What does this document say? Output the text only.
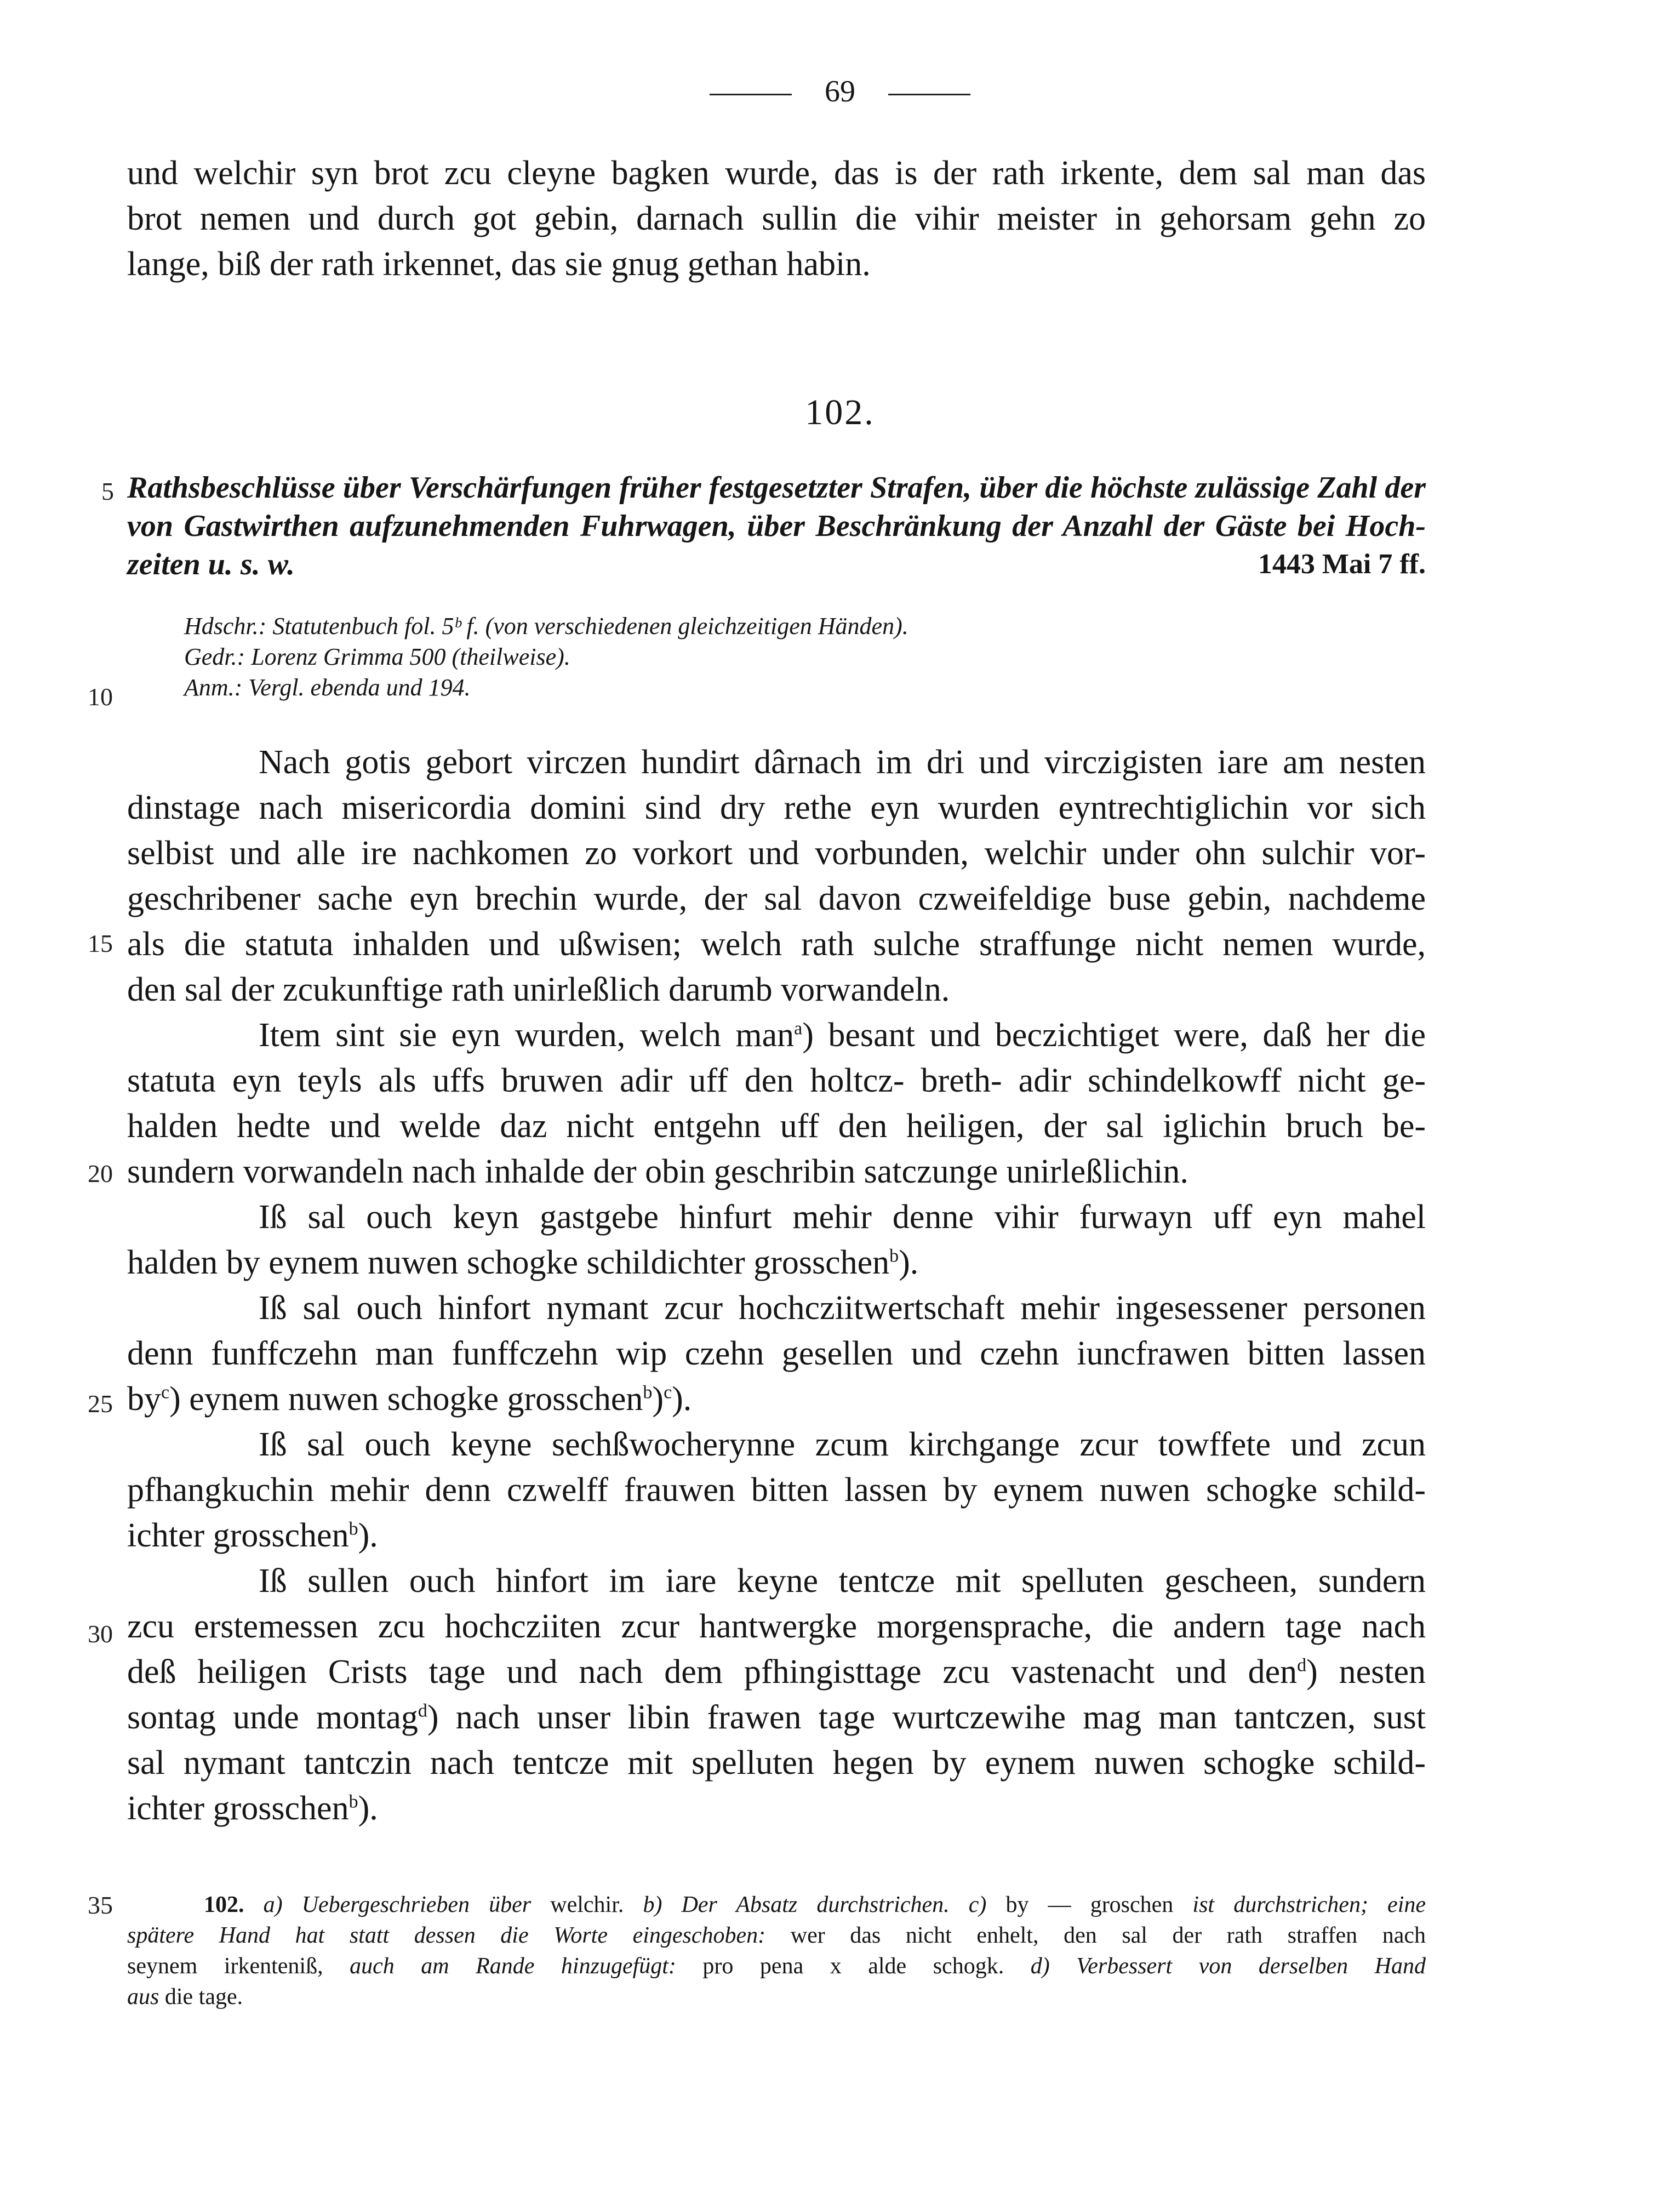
69
und welchir syn brot zcu cleyne bagken wurde, das is der rath irkente, dem sal man das
brot nemen und durch got gebin, darnach sullin die vihir meister in gehorsam gehn zo
lange, biß der rath irkennet, das sie gnug gethan habin.
102.
5
10
15
20
25
30
35
Rathsbeschlüsse über Verschärfungen früher festgesetzter Strafen, über die höchste zulässige Zahl der
von Gastwirthen aufzunehmenden Fuhrwagen, über Beschränkung der Anzahl der Gäste bei Hoch-
zeiten u. s. w.	1443 Mai 7 ff.
Hdschr.: Statutenbuch fol. 5ᵇ f. (von verschiedenen gleichzeitigen Händen).
Gedr.: Lorenz Grimma 500 (theilweise).
Anm.: Vergl. ebenda und 194.
Nach gotis gebort virczen hundirt dârnach im dri und virczigisten iare am nesten
dinstage nach misericordia domini sind dry rethe eyn wurden eyntrechtiglichin vor sich
selbist und alle ire nachkomen zo vorkort und vorbunden, welchir under ohn sulchir vor-
geschribener sache eyn brechin wurde, der sal davon czweifeldige buse gebin, nachdeme
als die statuta inhalden und ußwisen; welch rath sulche straffunge nicht nemen wurde,
den sal der zcukunftige rath unirleßlich darumb vorwandeln.
Item sint sie eyn wurden, welch man$^a$) besant und beczichtiget were, daß her die
statuta eyn teyls als uffs bruwen adir uff den holtcz- breth- adir schindelkowff nicht ge-
halden hedte und welde daz nicht entgehn uff den heiligen, der sal iglichin bruch be-
sundern vorwandeln nach inhalde der obin geschribin satczunge unirleßlichin.
Iß sal ouch keyn gastgebe hinfurt mehir denne vihir furwayn uff eyn mahel
halden by eynem nuwen schogke schildichter grosschen$^b$).
Iß sal ouch hinfort nymant zcur hochcziitwertschaft mehir ingesessener personen
denn funffczehn man funffczehn wip czehn gesellen und czehn iuncfrawen bitten lassen
$by^c$) eynem nuwen schogke grosschen$^b$)$^c$).
Iß sal ouch keyne sechßwocherynne zcum kirchgange zcur towffete und zcun
pfhangkuchin mehir denn czwelff frauwen bitten lassen by eynem nuwen schogke schild-
ichter grosschen$^b$).
Iß sullen ouch hinfort im iare keyne tentcze mit spelluten gescheen, sundern
zcu erstemessen zcu hochcziiten zcur hantwergke morgensprache, die andern tage nach
deß heiligen Crists tage und nach dem pfhingisttage zcu vastenacht und den$^d$) nesten
sontag unde montag$^d$) nach unser libin frawen tage wurtczewihe mag man tantczen, sust
sal nymant tantczin nach tentcze mit spelluten hegen by eynem nuwen schogke schild-
ichter grosschen$^b$).
102. a) Uebergeschrieben über welchir. b) Der Absatz durchstrichen. c) by — groschen ist durchstrichen; eine
spätere Hand hat statt dessen die Worte eingeschoben: wer das nicht enhelt, den sal der rath straffen nach
seynem irkenteniß, auch am Rande hinzugefügt: pro pena x alde schogk. d) Verbessert von derselben Hand
aus die tage.
